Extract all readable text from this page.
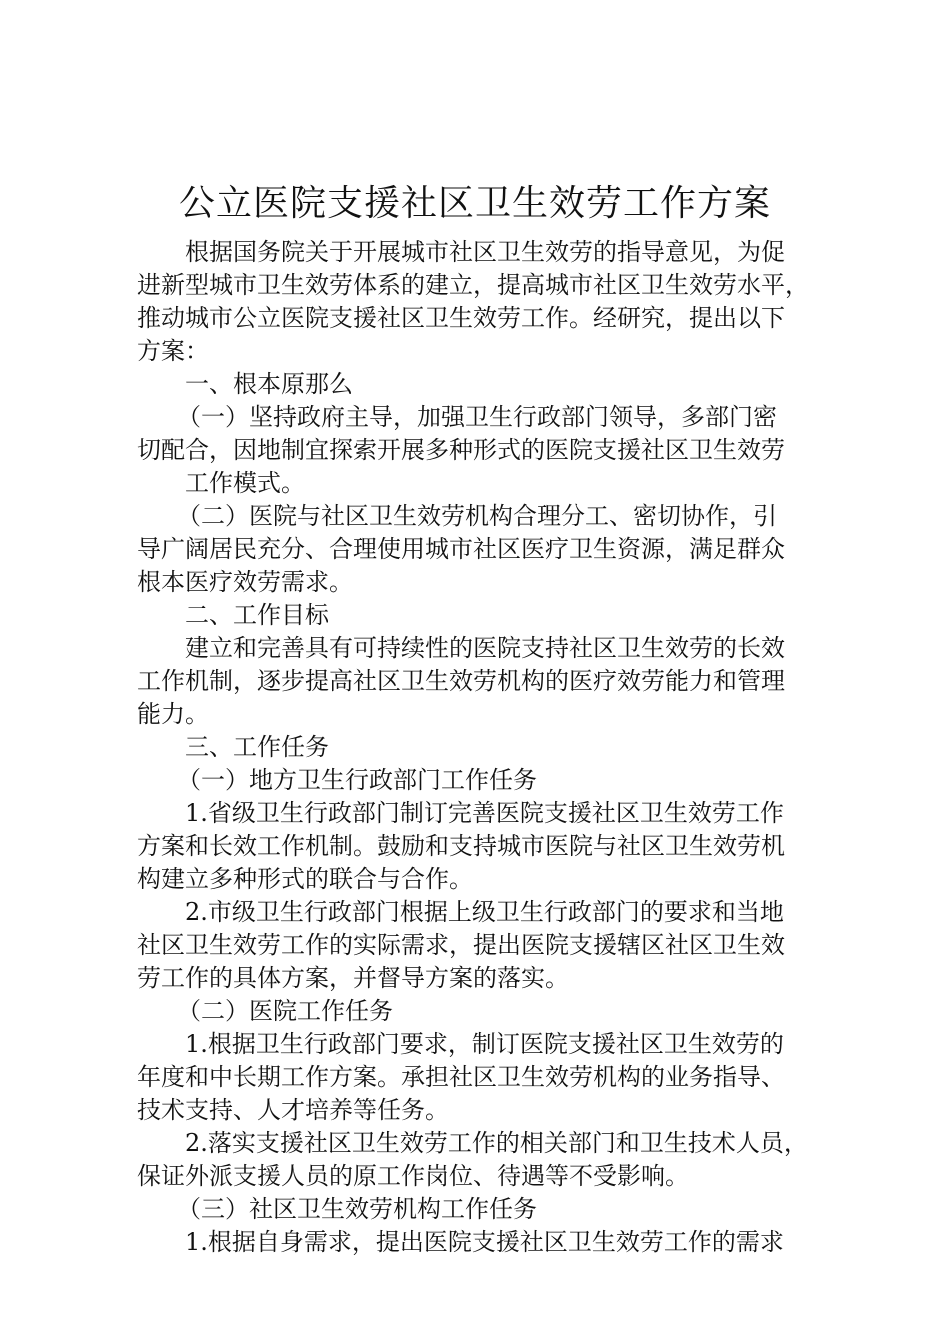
公立医院支援社区卫生效劳工作方案
根据国务院关于开展城市社区卫生效劳的指导意见，为促
进新型城市卫生效劳体系的建立，提高城市社区卫生效劳水平，
推动城市公立医院支援社区卫生效劳工作。经研究，提出以下
方案：
一、根本原那么
（一）坚持政府主导，加强卫生行政部门领导，多部门密
切配合，因地制宜探索开展多种形式的医院支援社区卫生效劳
工作模式。
（二）医院与社区卫生效劳机构合理分工、密切协作，引
导广阔居民充分、合理使用城市社区医疗卫生资源，满足群众
根本医疗效劳需求。
二、工作目标
建立和完善具有可持续性的医院支持社区卫生效劳的长效
工作机制，逐步提高社区卫生效劳机构的医疗效劳能力和管理
能力。
三、工作任务
（一）地方卫生行政部门工作任务
1.省级卫生行政部门制订完善医院支援社区卫生效劳工作
方案和长效工作机制。鼓励和支持城市医院与社区卫生效劳机
构建立多种形式的联合与合作。
2.市级卫生行政部门根据上级卫生行政部门的要求和当地
社区卫生效劳工作的实际需求，提出医院支援辖区社区卫生效
劳工作的具体方案，并督导方案的落实。
（二）医院工作任务
1.根据卫生行政部门要求，制订医院支援社区卫生效劳的
年度和中长期工作方案。承担社区卫生效劳机构的业务指导、
技术支持、人才培养等任务。
2.落实支援社区卫生效劳工作的相关部门和卫生技术人员，
保证外派支援人员的原工作岗位、待遇等不受影响。
（三）社区卫生效劳机构工作任务
1.根据自身需求，提出医院支援社区卫生效劳工作的需求
